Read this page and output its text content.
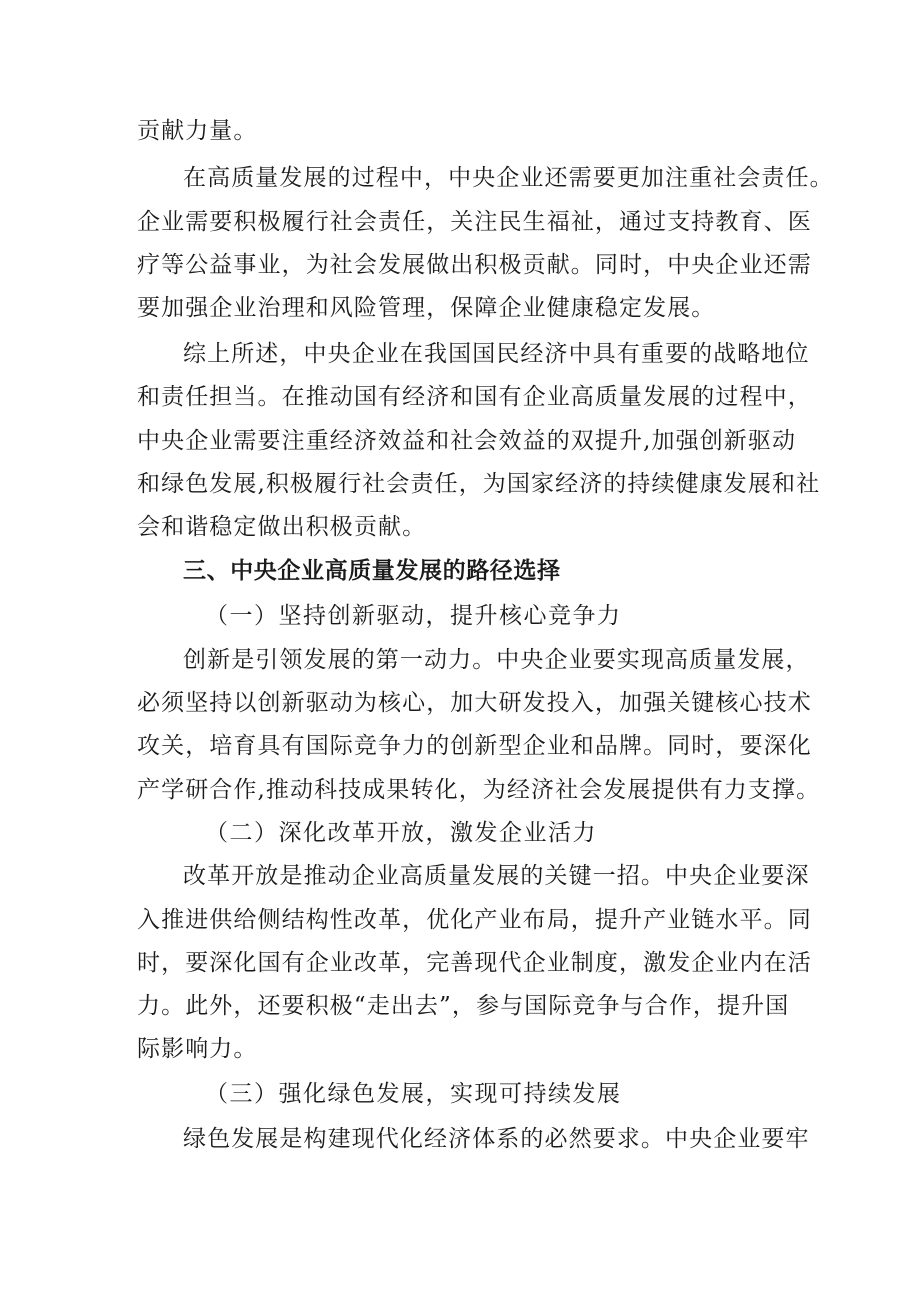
贡献力量。

在高质量发展的过程中，中央企业还需要更加注重社会责任。

企业需要积极履行社会责任，关注民生福祉，通过支持教育、医

疗等公益事业，为社会发展做出积极贡献。同时，中央企业还需

要加强企业治理和风险管理，保障企业健康稳定发展。

综上所述，中央企业在我国国民经济中具有重要的战略地位

和责任担当。在推动国有经济和国有企业高质量发展的过程中，

中央企业需要注重经济效益和社会效益的双提升,加强创新驱动

和绿色发展,积极履行社会责任，为国家经济的持续健康发展和社

会和谐稳定做出积极贡献。

三、中央企业高质量发展的路径选择
（一）坚持创新驱动，提升核心竞争力

创新是引领发展的第一动力。中央企业要实现高质量发展，

必须坚持以创新驱动为核心，加大研发投入，加强关键核心技术

攻关，培育具有国际竞争力的创新型企业和品牌。同时，要深化

产学研合作,推动科技成果转化，为经济社会发展提供有力支撑。

（二）深化改革开放，激发企业活力

改革开放是推动企业高质量发展的关键一招。中央企业要深

入推进供给侧结构性改革，优化产业布局，提升产业链水平。同

时，要深化国有企业改革，完善现代企业制度，激发企业内在活

力。此外，还要积极“走出去”，参与国际竞争与合作，提升国

际影响力。

（三）强化绿色发展，实现可持续发展

绿色发展是构建现代化经济体系的必然要求。中央企业要牢
